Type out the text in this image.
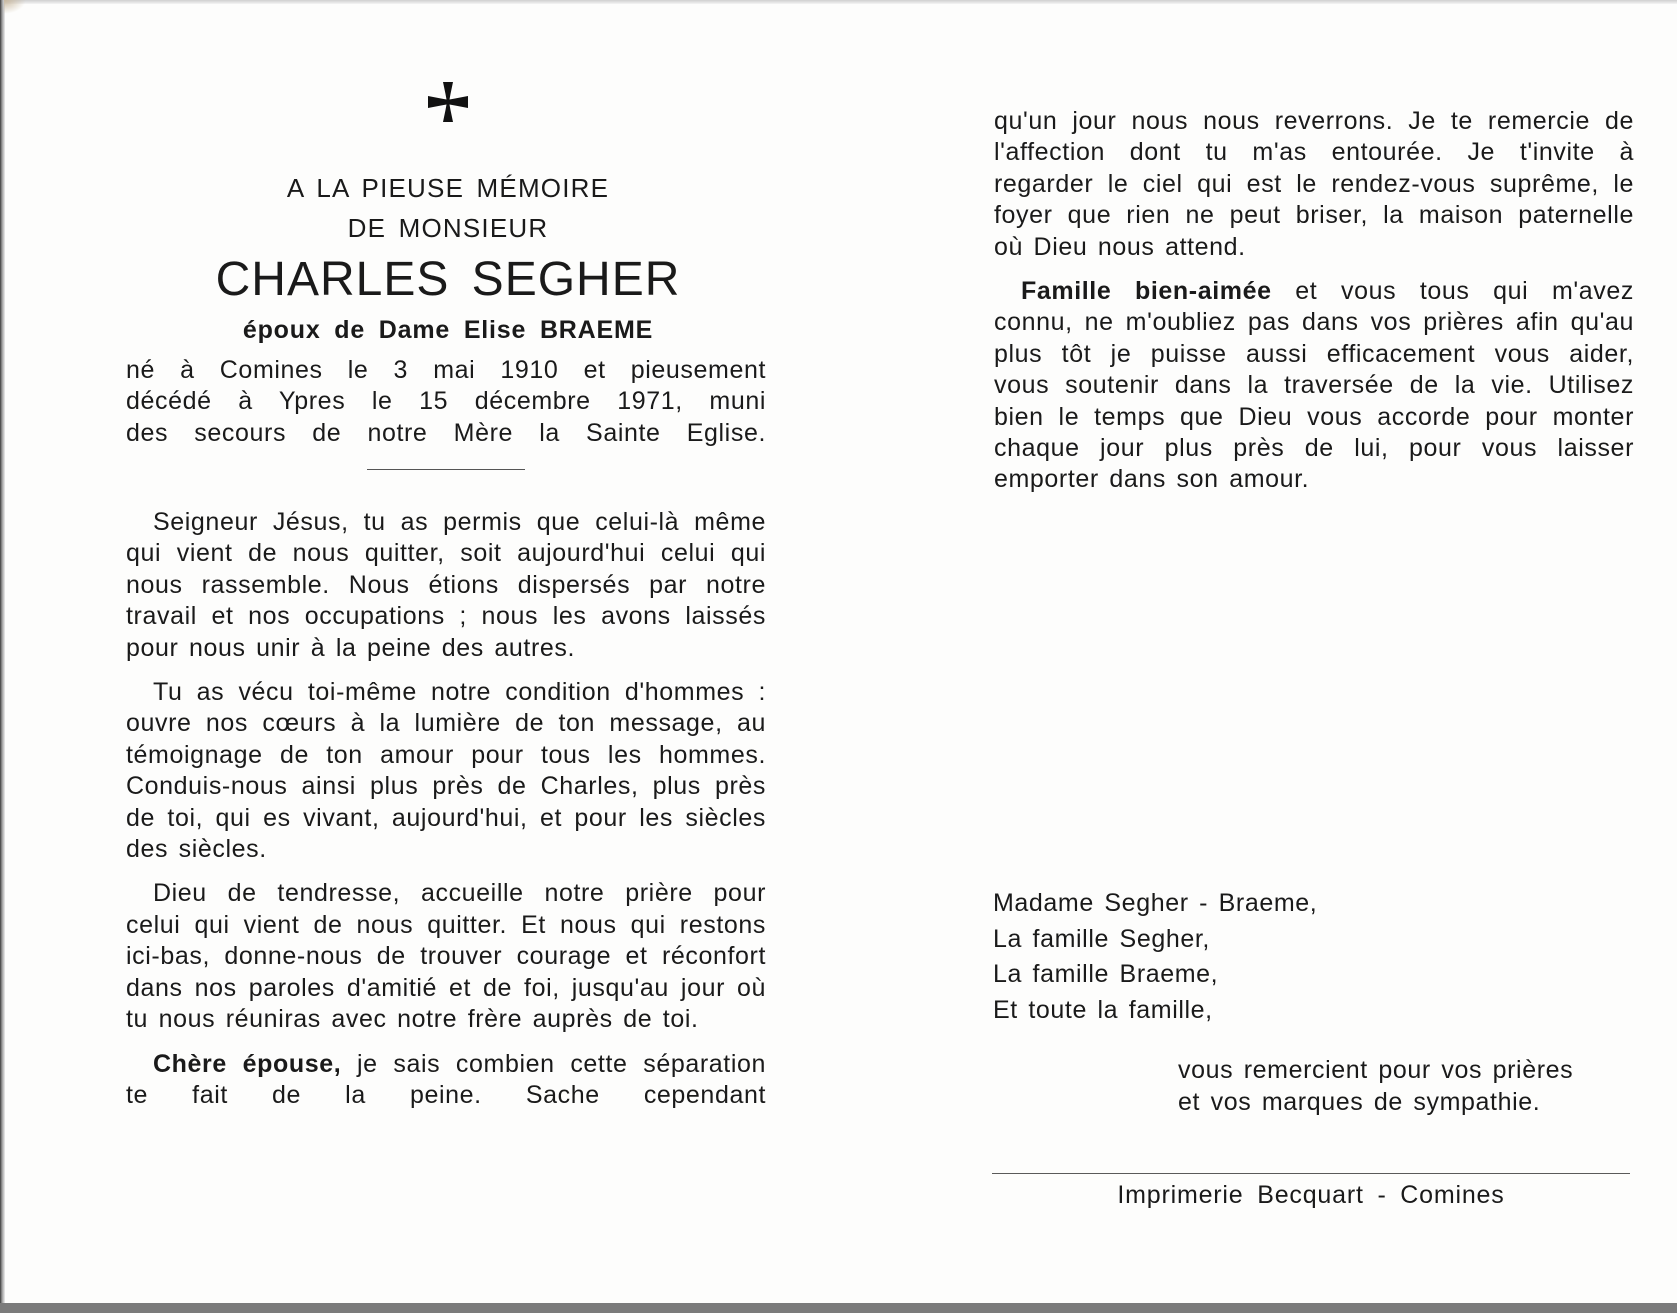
A LA PIEUSE MÉMOIRE
DE MONSIEUR
CHARLES SEGHER
époux de Dame Elise BRAEME

né à Comines le 3 mai 1910 et pieusement

décédé à Ypres le 15 décembre 1971, muni

des secours de notre Mère la Sainte Eglise.

Seigneur Jésus, tu as permis que celui-là même qui vient de nous quitter, soit aujourd'hui celui qui nous rassemble. Nous étions dispersés par notre travail et nos occupations ; nous les avons laissés pour nous unir à la peine des autres.

Tu as vécu toi-même notre condition d'hommes : ouvre nos cœurs à la lumière de ton message, au témoignage de ton amour pour tous les hommes. Conduis-nous ainsi plus près de Charles, plus près de toi, qui es vivant, aujourd'hui, et pour les siècles des siècles.

Dieu de tendresse, accueille notre prière pour celui qui vient de nous quitter. Et nous qui restons ici-bas, donne-nous de trouver courage et réconfort dans nos paroles d'amitié et de foi, jusqu'au jour où tu nous réuniras avec notre frère auprès de toi.

Chère épouse, je sais combien cette séparation te fait de la peine. Sache cependant

qu'un jour nous nous reverrons. Je te remercie de l'affection dont tu m'as entourée. Je t'invite à regarder le ciel qui est le rendez-vous suprême, le foyer que rien ne peut briser, la maison paternelle où Dieu nous attend.

Famille bien-aimée et vous tous qui m'avez connu, ne m'oubliez pas dans vos prières afin qu'au plus tôt je puisse aussi efficacement vous aider, vous soutenir dans la traversée de la vie. Utilisez bien le temps que Dieu vous accorde pour monter chaque jour plus près de lui, pour vous laisser emporter dans son amour.

Madame Segher - Braeme,
La famille Segher,
La famille Braeme,
Et toute la famille,
vous remercient pour vos prières
et vos marques de sympathie.
Imprimerie Becquart - Comines
